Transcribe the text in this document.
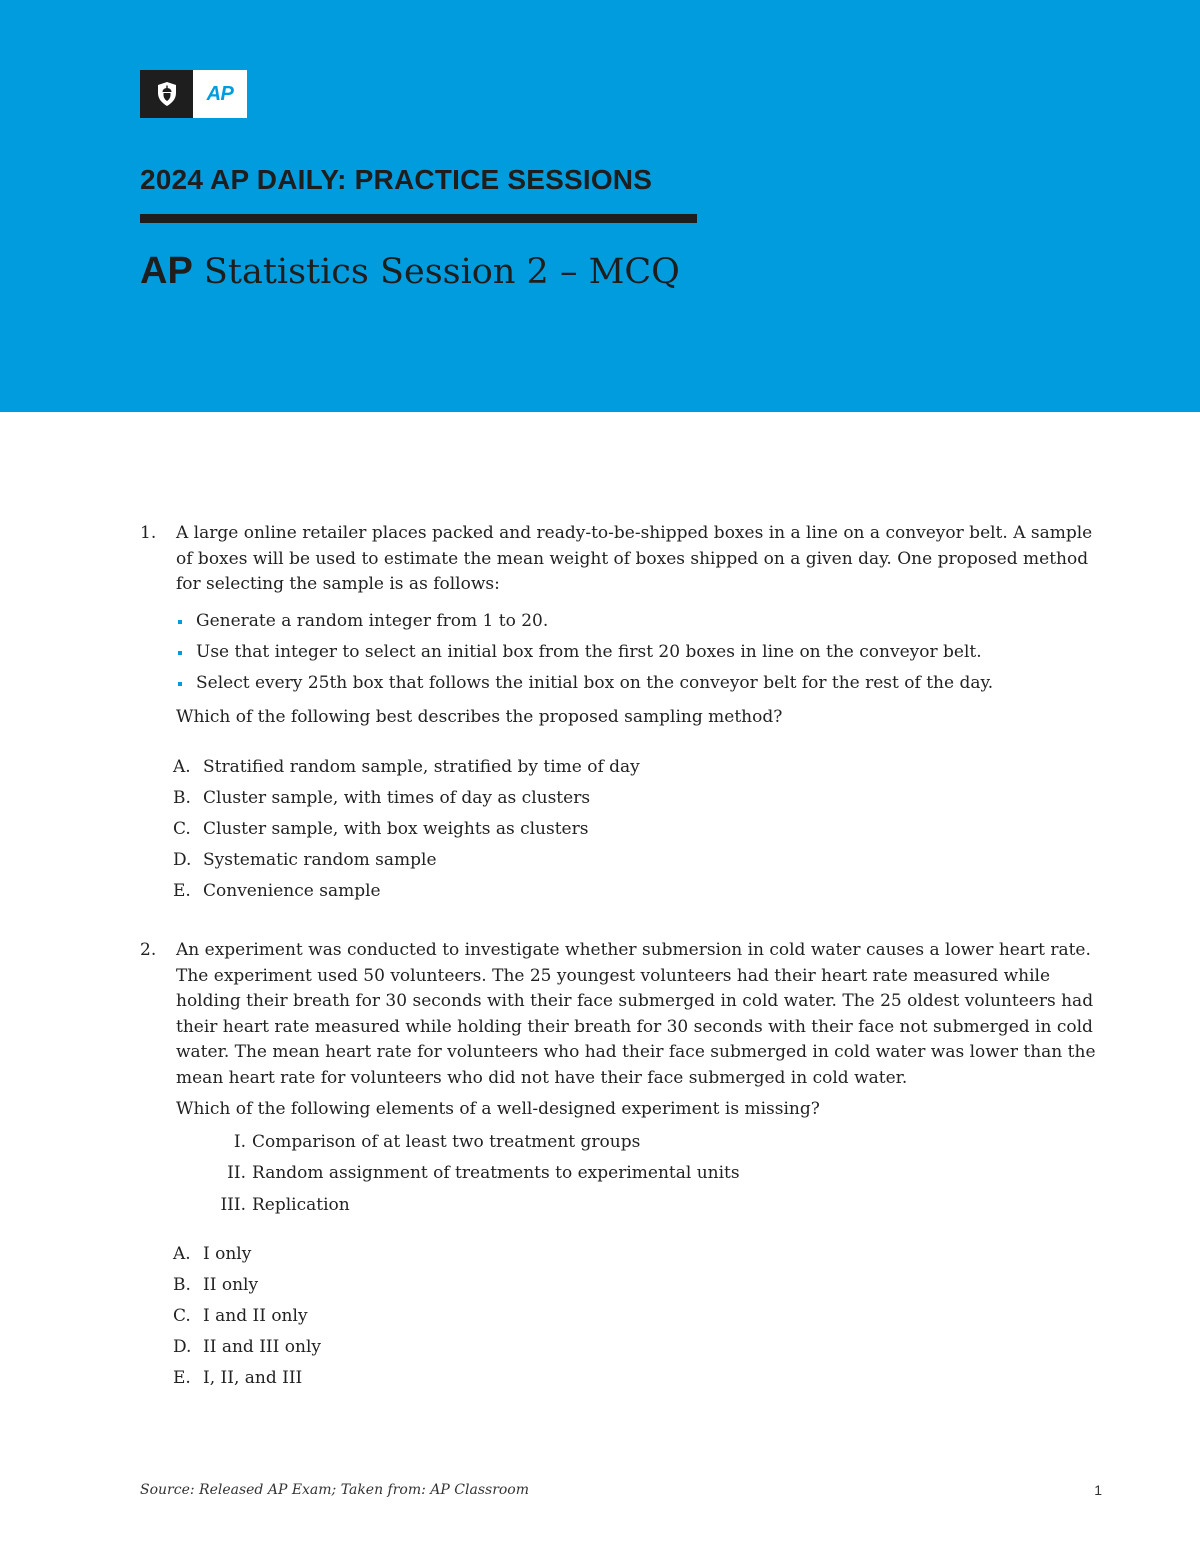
AP
2024 AP DAILY: PRACTICE SESSIONS
AP Statistics Session 2 – MCQ
1. A large online retailer places packed and ready-to-be-shipped boxes in a line on a conveyor belt. A sample of boxes will be used to estimate the mean weight of boxes shipped on a given day. One proposed method for selecting the sample is as follows:

Generate a random integer from 1 to 20.
Use that integer to select an initial box from the first 20 boxes in line on the conveyor belt.
Select every 25th box that follows the initial box on the conveyor belt for the rest of the day.

Which of the following best describes the proposed sampling method?

A. Stratified random sample, stratified by time of day
B. Cluster sample, with times of day as clusters
C. Cluster sample, with box weights as clusters
D. Systematic random sample
E. Convenience sample
2. An experiment was conducted to investigate whether submersion in cold water causes a lower heart rate. The experiment used 50 volunteers. The 25 youngest volunteers had their heart rate measured while holding their breath for 30 seconds with their face submerged in cold water. The 25 oldest volunteers had their heart rate measured while holding their breath for 30 seconds with their face not submerged in cold water. The mean heart rate for volunteers who had their face submerged in cold water was lower than the mean heart rate for volunteers who did not have their face submerged in cold water.

Which of the following elements of a well-designed experiment is missing?

I. Comparison of at least two treatment groups
II. Random assignment of treatments to experimental units
III. Replication
A. I only
B. II only
C. I and II only
D. II and III only
E. I, II, and III
Source: Released AP Exam; Taken from: AP Classroom	1
